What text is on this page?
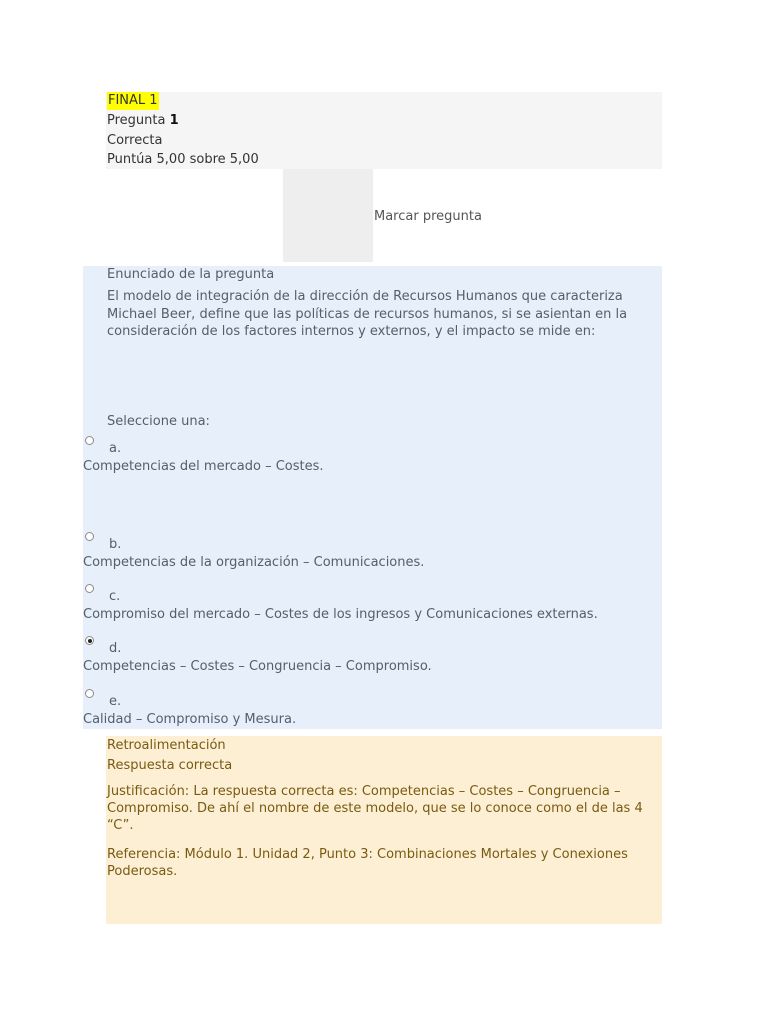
FINAL 1
Pregunta 1
Correcta
Puntúa 5,00 sobre 5,00
Marcar pregunta
Enunciado de la pregunta
El modelo de integración de la dirección de Recursos Humanos que caracteriza Michael Beer, define que las políticas de recursos humanos, si se asientan en la consideración de los factores internos y externos, y el impacto se mide en:
Seleccione una:
a.
Competencias del mercado – Costes.
b.
Competencias de la organización – Comunicaciones.
c.
Compromiso del mercado – Costes de los ingresos y Comunicaciones externas.
d.
Competencias – Costes – Congruencia – Compromiso.
e.
Calidad – Compromiso y Mesura.
Retroalimentación
Respuesta correcta
Justificación: La respuesta correcta es: Competencias – Costes – Congruencia – Compromiso. De ahí el nombre de este modelo, que se lo conoce como el de las 4 “C”.
Referencia: Módulo 1. Unidad 2, Punto 3: Combinaciones Mortales y Conexiones Poderosas.
